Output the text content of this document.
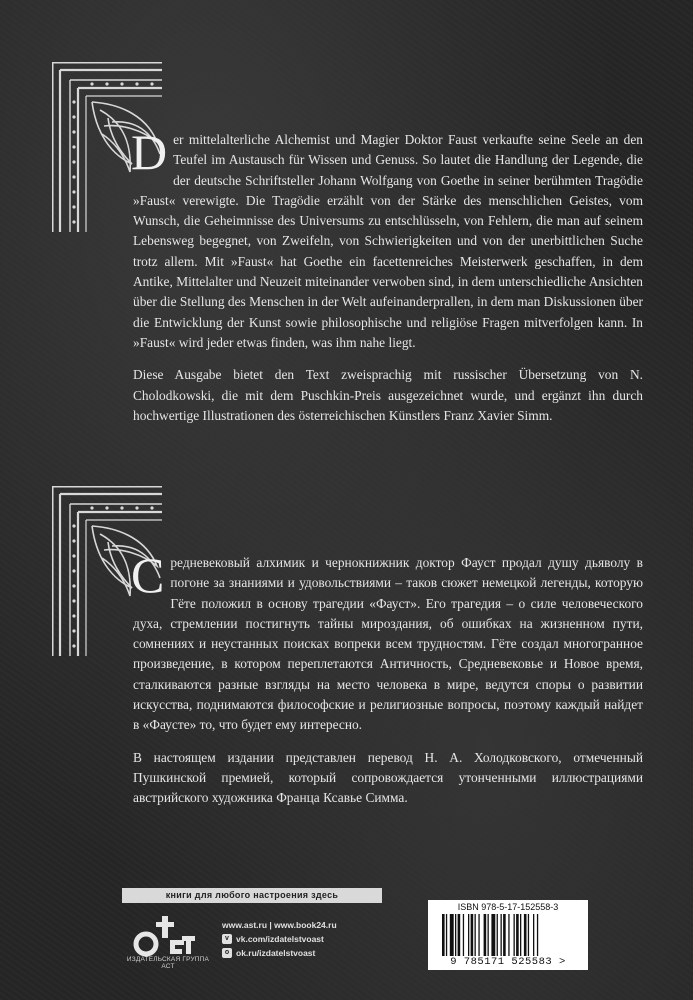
Der mittelalterliche Alchemist und Magier Doktor Faust verkaufte seine Seele an den Teufel im Austausch für Wissen und Genuss. So lautet die Handlung der Legende, die der deutsche Schriftsteller Johann Wolfgang von Goethe in seiner berühmten Tragödie »Faust« verewigte. Die Tragödie erzählt von der Stärke des menschlichen Geistes, vom Wunsch, die Geheimnisse des Universums zu entschlüsseln, von Fehlern, die man auf seinem Lebensweg begegnet, von Zweifeln, von Schwierigkeiten und von der unerbittlichen Suche trotz allem. Mit »Faust« hat Goethe ein facettenreiches Meisterwerk geschaffen, in dem Antike, Mittelalter und Neuzeit miteinander verwoben sind, in dem unterschiedliche Ansichten über die Stellung des Menschen in der Welt aufeinanderprallen, in dem man Diskussionen über die Entwicklung der Kunst sowie philosophische und religiöse Fragen mitverfolgen kann. In »Faust« wird jeder etwas finden, was ihm nahe liegt.

Diese Ausgabe bietet den Text zweisprachig mit russischer Übersetzung von N. Cholodkowski, die mit dem Puschkin-Preis ausgezeichnet wurde, und ergänzt ihn durch hochwertige Illustrationen des österreichischen Künstlers Franz Xavier Simm.

Средневековый алхимик и чернокнижник доктор Фауст продал душу дьяволу в погоне за знаниями и удовольствиями – таков сюжет немецкой легенды, которую Гёте положил в основу трагедии «Фауст». Его трагедия – о силе человеческого духа, стремлении постигнуть тайны мироздания, об ошибках на жизненном пути, сомнениях и неустанных поисках вопреки всем трудностям. Гёте создал многогранное произведение, в котором переплетаются Античность, Средневековье и Новое время, сталкиваются разные взгляды на место человека в мире, ведутся споры о развитии искусства, поднимаются философские и религиозные вопросы, поэтому каждый найдет в «Фаусте» то, что будет ему интересно.

В настоящем издании представлен перевод Н. А. Холодковского, отмеченный Пушкинской премией, который сопровождается утонченными иллюстрациями австрийского художника Франца Ксавье Симма.

книги для любого настроения здесь
ИЗДАТЕЛЬСКАЯ ГРУППА АСТ
www.ast.ru | www.book24.ru
v vk.com/izdatelstvoast
o ok.ru/izdatelstvoast
ISBN 978-5-17-152558-3
9 785171 525583 >
